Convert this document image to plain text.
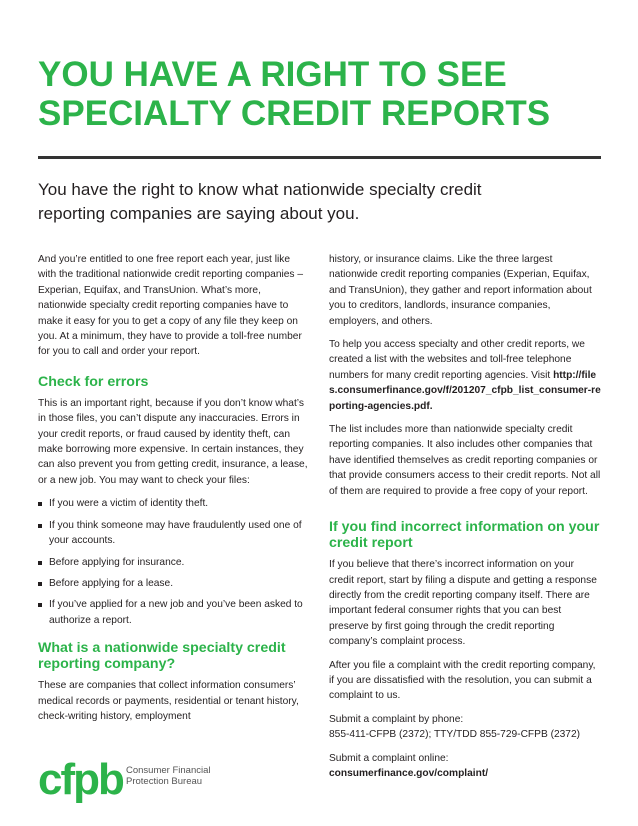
YOU HAVE A RIGHT TO SEE
SPECIALTY CREDIT REPORTS

You have the right to know what nationwide specialty credit reporting companies are saying about you.

And you’re entitled to one free report each year, just like with the traditional nationwide credit reporting companies – Experian, Equifax, and TransUnion. What’s more, nationwide specialty credit reporting companies have to make it easy for you to get a copy of any file they keep on you. At a minimum, they have to provide a toll-free number for you to call and order your report.

Check for errors

This is an important right, because if you don’t know what’s in those files, you can’t dispute any inaccuracies. Errors in your credit reports, or fraud caused by identity theft, can make borrowing more expensive. In certain instances, they can also prevent you from getting credit, insurance, a lease, or a new job. You may want to check your files:

If you were a victim of identity theft.
If you think someone may have fraudulently used one of your accounts.
Before applying for insurance.
Before applying for a lease.
If you’ve applied for a new job and you’ve been asked to authorize a report.
What is a nationwide specialty credit reporting company?

These are companies that collect information consumers’ medical records or payments, residential or tenant history, check-writing history, employment

history, or insurance claims. Like the three largest nationwide credit reporting companies (Experian, Equifax, and TransUnion), they gather and report information about you to creditors, landlords, insurance companies, employers, and others.

To help you access specialty and other credit reports, we created a list with the websites and toll-free telephone numbers for many credit reporting agencies. Visit http://files.consumerfinance.gov/f/201207_cfpb_list_consumer-reporting-agencies.pdf.

The list includes more than nationwide specialty credit reporting companies. It also includes other companies that have identified themselves as credit reporting companies or that provide consumers access to their credit reports. Not all of them are required to provide a free copy of your report.

If you find incorrect information on your credit report

If you believe that there’s incorrect information on your credit report, start by filing a dispute and getting a response directly from the credit reporting company itself. There are important federal consumer rights that you can best preserve by first going through the credit reporting company’s complaint process.

After you file a complaint with the credit reporting company, if you are dissatisfied with the resolution, you can submit a complaint to us.

Submit a complaint by phone:
855-411-CFPB (2372); TTY/TDD 855-729-CFPB (2372)

Submit a complaint online:
consumerfinance.gov/complaint/

cfpb Consumer Financial
Protection Bureau
